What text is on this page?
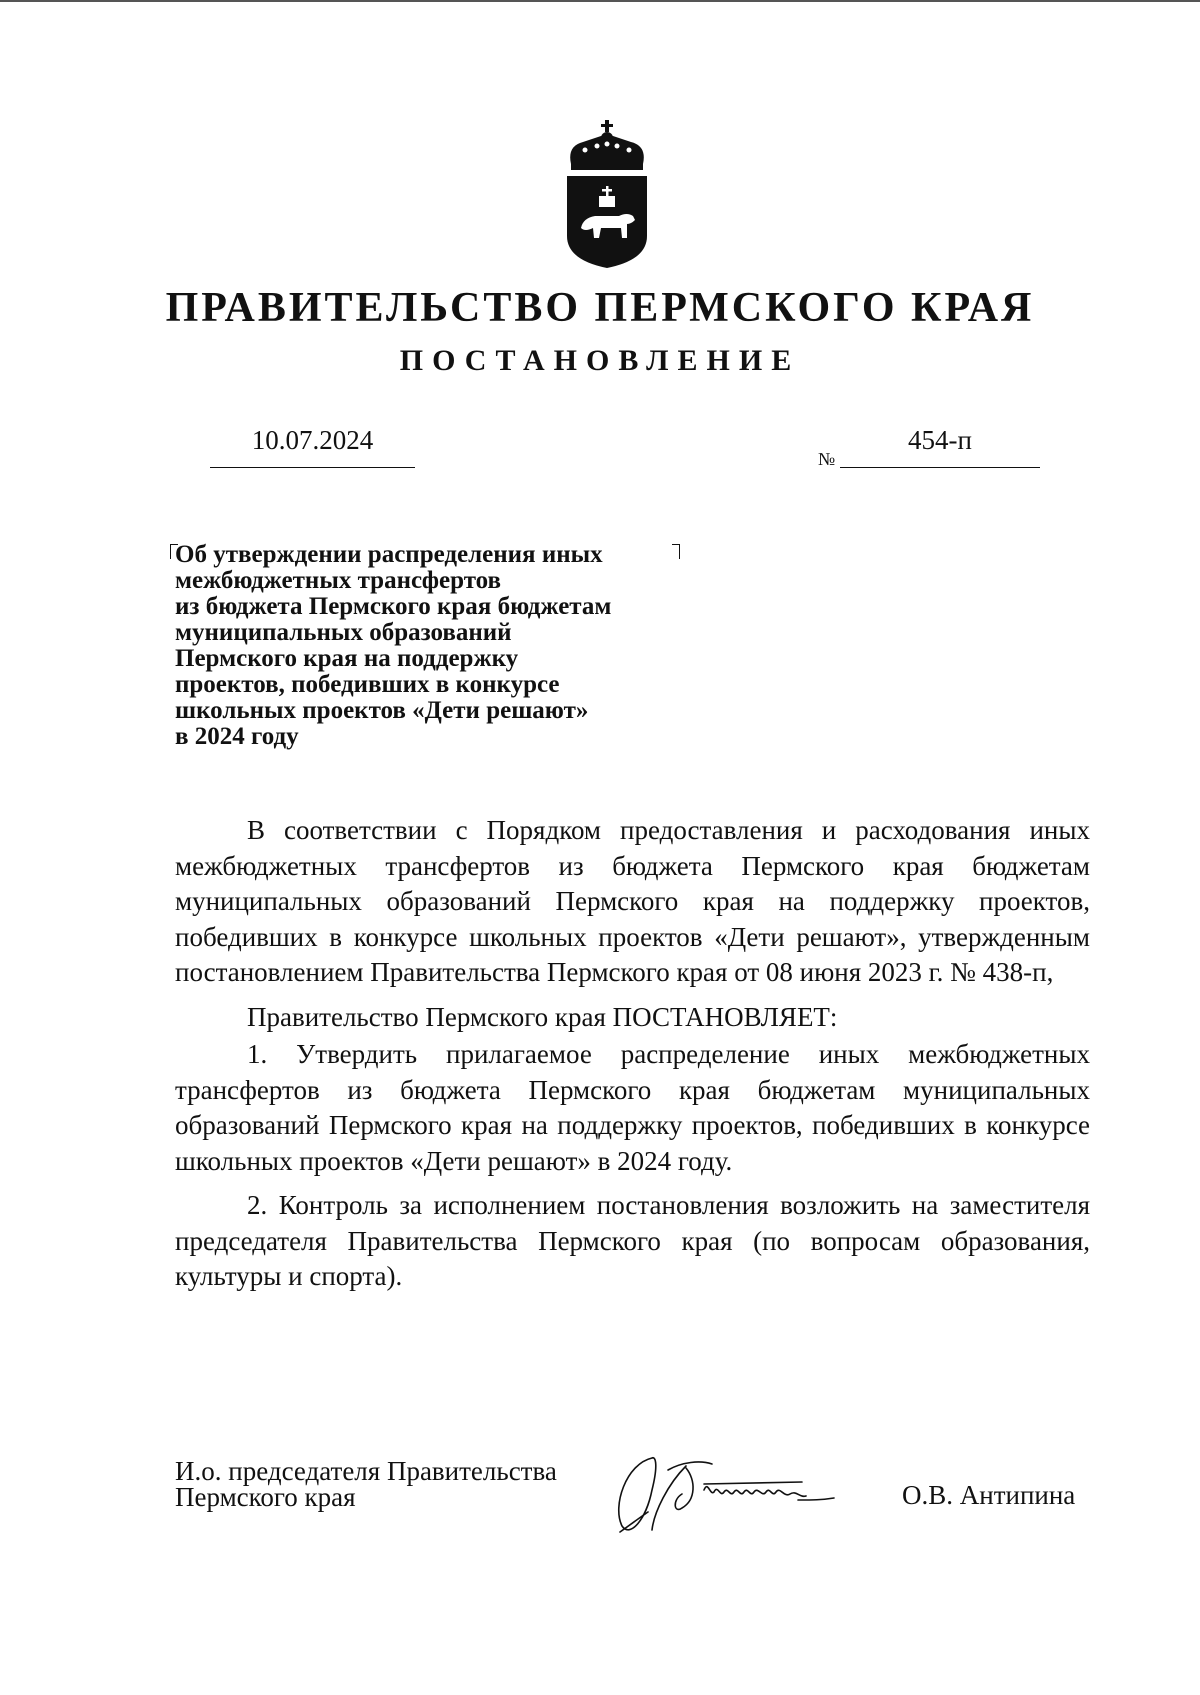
ПРАВИТЕЛЬСТВО ПЕРМСКОГО КРАЯ
ПОСТАНОВЛЕНИЕ
10.07.2024
№
454-п
Об утверждении распределения иных
межбюджетных трансфертов
из бюджета Пермского края бюджетам
муниципальных образований
Пермского края на поддержку
проектов, победивших в конкурсе
школьных проектов «Дети решают»
в 2024 году

В соответствии с Порядком предоставления и расходования иных межбюджетных трансфертов из бюджета Пермского края бюджетам муниципальных образований Пермского края на поддержку проектов, победивших в конкурсе школьных проектов «Дети решают», утвержденным постановлением Правительства Пермского края от 08 июня 2023 г. № 438-п,

Правительство Пермского края ПОСТАНОВЛЯЕТ:

1. Утвердить прилагаемое распределение иных межбюджетных трансфертов из бюджета Пермского края бюджетам муниципальных образований Пермского края на поддержку проектов, победивших в конкурсе школьных проектов «Дети решают» в 2024 году.

2. Контроль за исполнением постановления возложить на заместителя председателя Правительства Пермского края (по вопросам образования, культуры и спорта).

И.о. председателя Правительства
Пермского края	О.В. Антипина
